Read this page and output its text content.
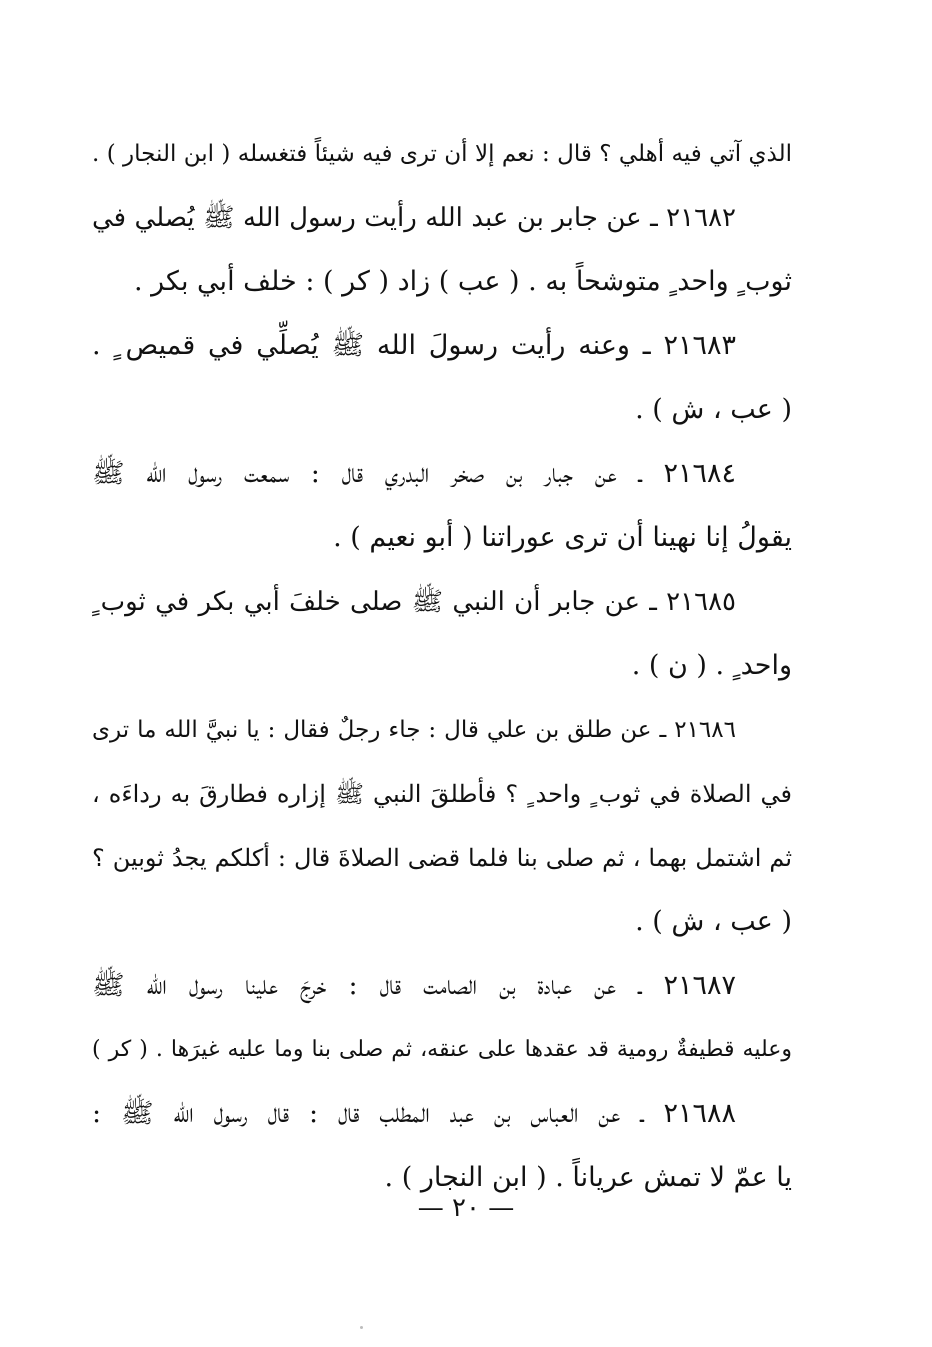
الذي آتي فيه أهلي ؟ قال : نعم إلا أن ترى فيه شيئاً فتغسله ( ابن النجار ) .
٢١٦٨٢ ـ عن جابر بن عبد الله رأيت رسول الله ﷺ يُصلي في
ثوب ٍ واحد ٍ متوشحاً به . ( عب ) زاد ( كر ) : خلف أبي بكر .
٢١٦٨٣ ـ وعنه رأيت رسولَ الله ﷺ يُصلِّي في قميص ٍ .
( عب ، ش ) .
٢١٦٨٤ ـ عن جبار بن صخر البدري قال : سمعت رسول الله ﷺ
يقولُ إنا نهينا أن ترى عوراتنا ( أبو نعيم ) .
٢١٦٨٥ ـ عن جابر أن النبي ﷺ صلى خلفَ أبي بكر في ثوب ٍ
واحد ٍ . ( ن ) .
٢١٦٨٦ ـ عن طلق بن علي قال : جاء رجلٌ فقال : يا نبيَّ الله ما ترى
في الصلاة في ثوب ٍ واحد ٍ ؟ فأطلقَ النبي ﷺ إزاره فطارقَ به رداءَه ،
ثم اشتمل بهما ، ثم صلى بنا فلما قضى الصلاةَ قال : أكلكم يجدُ ثوبين ؟
( عب ، ش ) .
٢١٦٨٧ ـ عن عبادة بن الصامت قال : خرجَ علينا رسول الله ﷺ
وعليه قطيفةٌ رومية قد عقدها على عنقه، ثم صلى بنا وما عليه غيرَها . ( كر )
٢١٦٨٨ ـ عن العباس بن عبد المطلب قال : قال رسول الله ﷺ :
يا عمّ لا تمش عرياناً . ( ابن النجار ) .
— ٢٠ —
